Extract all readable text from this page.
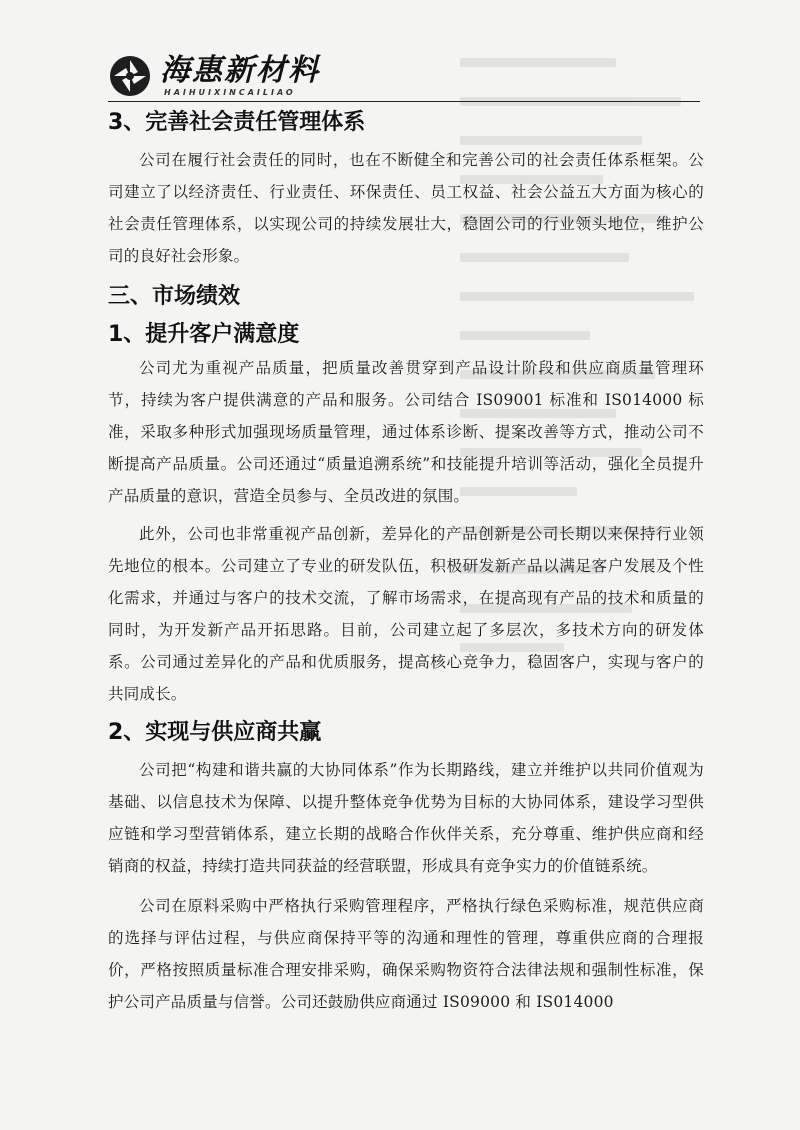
海惠新材料
HAIHUIXINCAILIAO
3、完善社会责任管理体系

公司在履行社会责任的同时，也在不断健全和完善公司的社会责任体系框架。公司建立了以经济责任、行业责任、环保责任、员工权益、社会公益五大方面为核心的社会责任管理体系，以实现公司的持续发展壮大，稳固公司的行业领头地位，维护公司的良好社会形象。

三、市场绩效
1、提升客户满意度

公司尤为重视产品质量，把质量改善贯穿到产品设计阶段和供应商质量管理环节，持续为客户提供满意的产品和服务。公司结合 IS09001 标准和 IS014000 标准，采取多种形式加强现场质量管理，通过体系诊断、提案改善等方式，推动公司不断提高产品质量。公司还通过“质量追溯系统”和技能提升培训等活动，强化全员提升产品质量的意识，营造全员参与、全员改进的氛围。

此外，公司也非常重视产品创新，差异化的产品创新是公司长期以来保持行业领先地位的根本。公司建立了专业的研发队伍，积极研发新产品以满足客户发展及个性化需求，并通过与客户的技术交流，了解市场需求，在提高现有产品的技术和质量的同时，为开发新产品开拓思路。目前，公司建立起了多层次，多技术方向的研发体系。公司通过差异化的产品和优质服务，提高核心竞争力，稳固客户，实现与客户的共同成长。

2、实现与供应商共赢

公司把“构建和谐共赢的大协同体系”作为长期路线，建立并维护以共同价值观为基础、以信息技术为保障、以提升整体竞争优势为目标的大协同体系，建设学习型供应链和学习型营销体系，建立长期的战略合作伙伴关系，充分尊重、维护供应商和经销商的权益，持续打造共同获益的经营联盟，形成具有竞争实力的价值链系统。

公司在原料采购中严格执行采购管理程序，严格执行绿色采购标准，规范供应商的选择与评估过程，与供应商保持平等的沟通和理性的管理，尊重供应商的合理报价，严格按照质量标准合理安排采购，确保采购物资符合法律法规和强制性标准，保护公司产品质量与信誉。公司还鼓励供应商通过 IS09000 和 IS014000
